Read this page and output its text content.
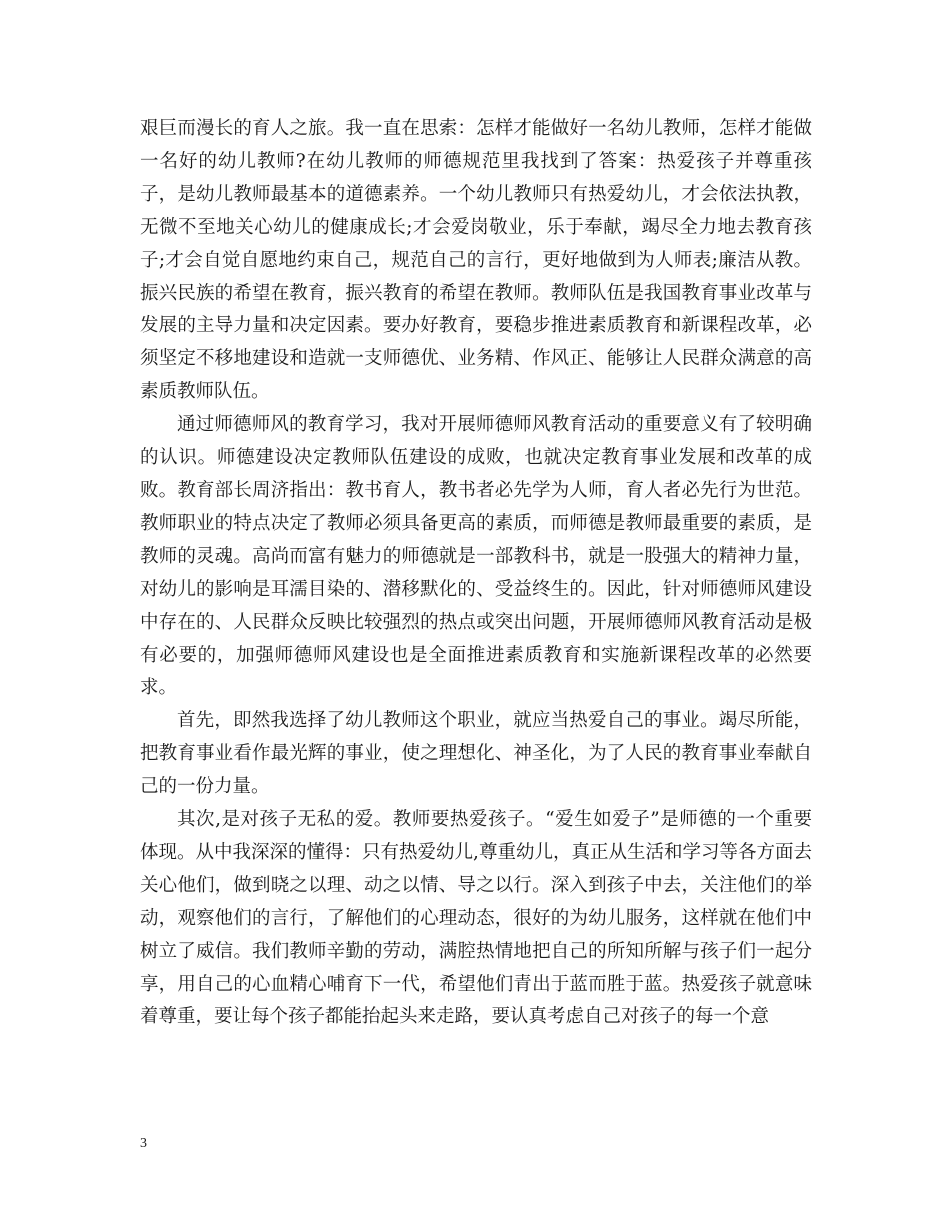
艰巨而漫长的育人之旅。我一直在思索：怎样才能做好一名幼儿教师，怎样才能做一名好的幼儿教师?在幼儿教师的师德规范里我找到了答案：热爱孩子并尊重孩子，是幼儿教师最基本的道德素养。一个幼儿教师只有热爱幼儿，才会依法执教，无微不至地关心幼儿的健康成长;才会爱岗敬业，乐于奉献，竭尽全力地去教育孩子;才会自觉自愿地约束自己，规范自己的言行，更好地做到为人师表;廉洁从教。振兴民族的希望在教育，振兴教育的希望在教师。教师队伍是我国教育事业改革与发展的主导力量和决定因素。要办好教育，要稳步推进素质教育和新课程改革，必须坚定不移地建设和造就一支师德优、业务精、作风正、能够让人民群众满意的高素质教师队伍。

通过师德师风的教育学习，我对开展师德师风教育活动的重要意义有了较明确的认识。师德建设决定教师队伍建设的成败，也就决定教育事业发展和改革的成败。教育部长周济指出：教书育人，教书者必先学为人师，育人者必先行为世范。教师职业的特点决定了教师必须具备更高的素质，而师德是教师最重要的素质，是教师的灵魂。高尚而富有魅力的师德就是一部教科书，就是一股强大的精神力量，对幼儿的影响是耳濡目染的、潜移默化的、受益终生的。因此，针对师德师风建设中存在的、人民群众反映比较强烈的热点或突出问题，开展师德师风教育活动是极有必要的，加强师德师风建设也是全面推进素质教育和实施新课程改革的必然要求。

首先，即然我选择了幼儿教师这个职业，就应当热爱自己的事业。竭尽所能，把教育事业看作最光辉的事业，使之理想化、神圣化，为了人民的教育事业奉献自己的一份力量。

其次,是对孩子无私的爱。教师要热爱孩子。“爱生如爱子”是师德的一个重要体现。从中我深深的懂得：只有热爱幼儿,尊重幼儿，真正从生活和学习等各方面去关心他们，做到晓之以理、动之以情、导之以行。深入到孩子中去，关注他们的举动，观察他们的言行，了解他们的心理动态，很好的为幼儿服务，这样就在他们中树立了威信。我们教师辛勤的劳动，满腔热情地把自己的所知所解与孩子们一起分享，用自己的心血精心哺育下一代，希望他们青出于蓝而胜于蓝。热爱孩子就意味着尊重，要让每个孩子都能抬起头来走路，要认真考虑自己对孩子的每一个意

3
